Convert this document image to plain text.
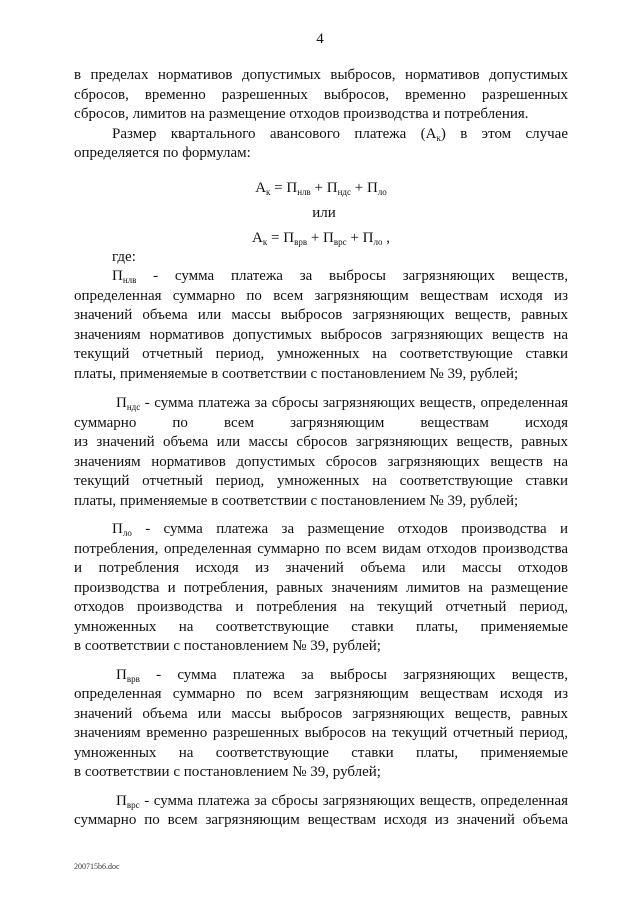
4

в пределах нормативов допустимых выбросов, нормативов допустимых

сбросов, временно разрешенных выбросов, временно разрешенных

сбросов, лимитов на размещение отходов производства и потребления.

Размер квартального авансового платежа $(А_к)$ в этом случае

определяется по формулам:

$А_к = П_{нлв} + П_{ндс} + П_{ло}$
или
$А_к = П_{врв} + П_{врс} + П_{ло}$ ,

где:

$П_{нлв}$ - сумма платежа за выбросы загрязняющих веществ,

определенная суммарно по всем загрязняющим веществам исходя из

значений объема или массы выбросов загрязняющих веществ, равных

значениям нормативов допустимых выбросов загрязняющих веществ на

текущий отчетный период, умноженных на соответствующие ставки

платы, применяемые в соответствии с постановлением № 39, рублей;

$П_{ндс}$ - сумма платежа за сбросы загрязняющих веществ, определенная

суммарно по всем загрязняющим веществам исходя

из значений объема или массы сбросов загрязняющих веществ, равных

значениям нормативов допустимых сбросов загрязняющих веществ на

текущий отчетный период, умноженных на соответствующие ставки

платы, применяемые в соответствии с постановлением № 39, рублей;

$П_{ло}$ - сумма платежа за размещение отходов производства и

потребления, определенная суммарно по всем видам отходов производства

и потребления исходя из значений объема или массы отходов

производства и потребления, равных значениям лимитов на размещение

отходов производства и потребления на текущий отчетный период,

умноженных на соответствующие ставки платы, применяемые

в соответствии с постановлением № 39, рублей;

$П_{врв}$ - сумма платежа за выбросы загрязняющих веществ,

определенная суммарно по всем загрязняющим веществам исходя из

значений объема или массы выбросов загрязняющих веществ, равных

значениям временно разрешенных выбросов на текущий отчетный период,

умноженных на соответствующие ставки платы, применяемые

в соответствии с постановлением № 39, рублей;

$П_{врс}$ - сумма платежа за сбросы загрязняющих веществ, определенная

суммарно по всем загрязняющим веществам исходя из значений объема

200715b6.doc
